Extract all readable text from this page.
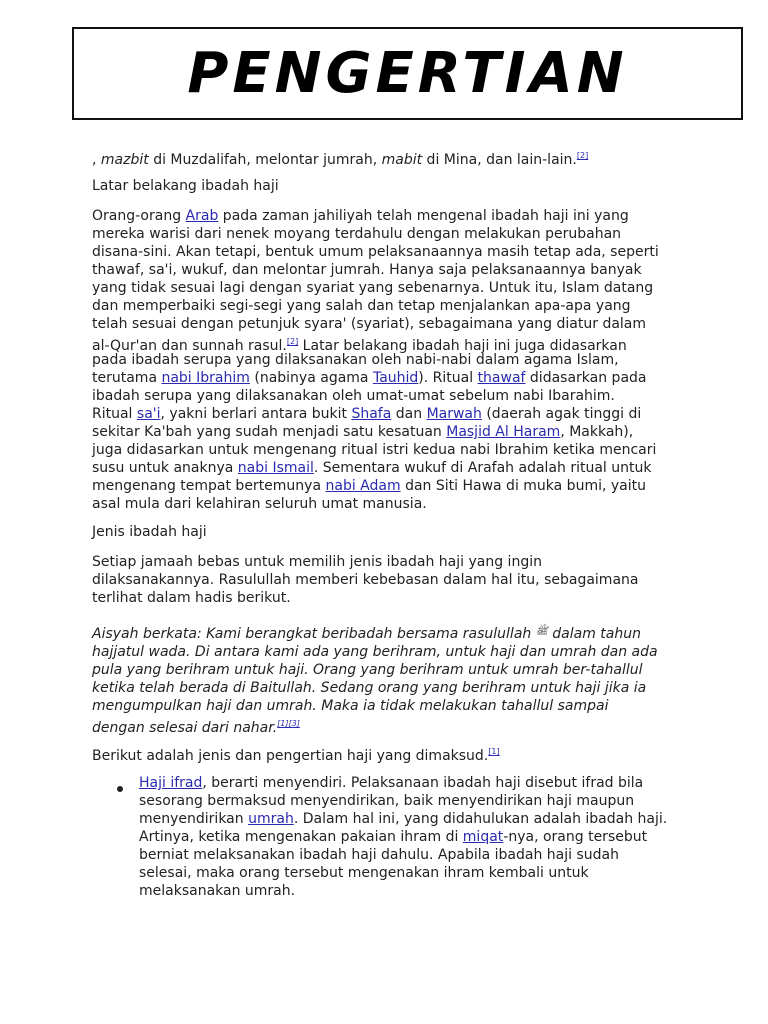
PENGERTIAN
, mazbit di Muzdalifah, melontar jumrah, mabit di Mina, dan lain-lain.[2]
Latar belakang ibadah haji
Orang-orang Arab pada zaman jahiliyah telah mengenal ibadah haji ini yang
mereka warisi dari nenek moyang terdahulu dengan melakukan perubahan
disana-sini. Akan tetapi, bentuk umum pelaksanaannya masih tetap ada, seperti
thawaf, sa'i, wukuf, dan melontar jumrah. Hanya saja pelaksanaannya banyak
yang tidak sesuai lagi dengan syariat yang sebenarnya. Untuk itu, Islam datang
dan memperbaiki segi-segi yang salah dan tetap menjalankan apa-apa yang
telah sesuai dengan petunjuk syara' (syariat), sebagaimana yang diatur dalam
al-Qur'an dan sunnah rasul.[2] Latar belakang ibadah haji ini juga didasarkan
pada ibadah serupa yang dilaksanakan oleh nabi-nabi dalam agama Islam,
terutama nabi Ibrahim (nabinya agama Tauhid). Ritual thawaf didasarkan pada
ibadah serupa yang dilaksanakan oleh umat-umat sebelum nabi Ibarahim.
Ritual sa'i, yakni berlari antara bukit Shafa dan Marwah (daerah agak tinggi di
sekitar Ka'bah yang sudah menjadi satu kesatuan Masjid Al Haram, Makkah),
juga didasarkan untuk mengenang ritual istri kedua nabi Ibrahim ketika mencari
susu untuk anaknya nabi Ismail. Sementara wukuf di Arafah adalah ritual untuk
mengenang tempat bertemunya nabi Adam dan Siti Hawa di muka bumi, yaitu
asal mula dari kelahiran seluruh umat manusia.
Jenis ibadah haji
Setiap jamaah bebas untuk memilih jenis ibadah haji yang ingin
dilaksanakannya. Rasulullah memberi kebebasan dalam hal itu, sebagaimana
terlihat dalam hadis berikut.
Aisyah berkata: Kami berangkat beribadah bersama rasulullah ﷺ dalam tahun
hajjatul wada. Di antara kami ada yang berihram, untuk haji dan umrah dan ada
pula yang berihram untuk haji. Orang yang berihram untuk umrah ber-tahallul
ketika telah berada di Baitullah. Sedang orang yang berihram untuk haji jika ia
mengumpulkan haji dan umrah. Maka ia tidak melakukan tahallul sampai
dengan selesai dari nahar.[1][3]
Berikut adalah jenis dan pengertian haji yang dimaksud.[1]
Haji ifrad, berarti menyendiri. Pelaksanaan ibadah haji disebut ifrad bila
sesorang bermaksud menyendirikan, baik menyendirikan haji maupun
menyendirikan umrah. Dalam hal ini, yang didahulukan adalah ibadah haji.
Artinya, ketika mengenakan pakaian ihram di miqat-nya, orang tersebut
berniat melaksanakan ibadah haji dahulu. Apabila ibadah haji sudah
selesai, maka orang tersebut mengenakan ihram kembali untuk
melaksanakan umrah.
